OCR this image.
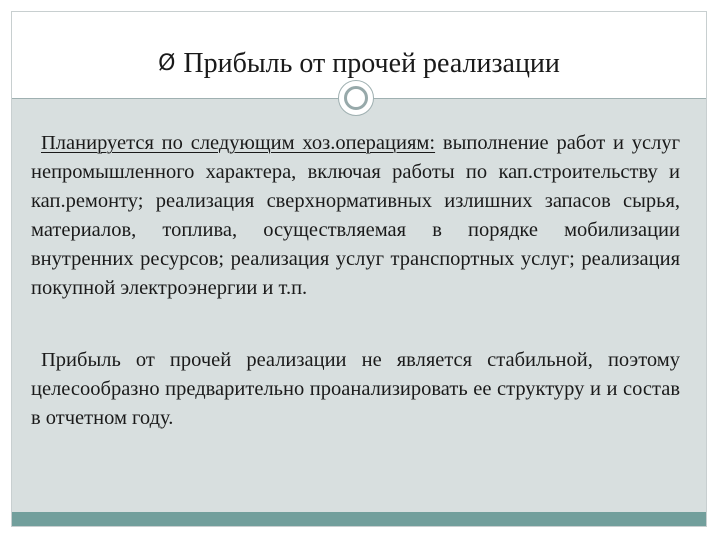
Ø Прибыль от прочей реализации
Планируется по следующим хоз.операциям: выполнение работ и услуг непромышленного характера, включая работы по кап.строительству и кап.ремонту; реализация сверхнормативных излишних запасов сырья, материалов, топлива, осуществляемая в порядке мобилизации внутренних ресурсов; реализация услуг транспортных услуг; реализация покупной электроэнергии и т.п.
Прибыль от прочей реализации не является стабильной, поэтому целесообразно предварительно проанализировать ее структуру и и состав в отчетном году.
